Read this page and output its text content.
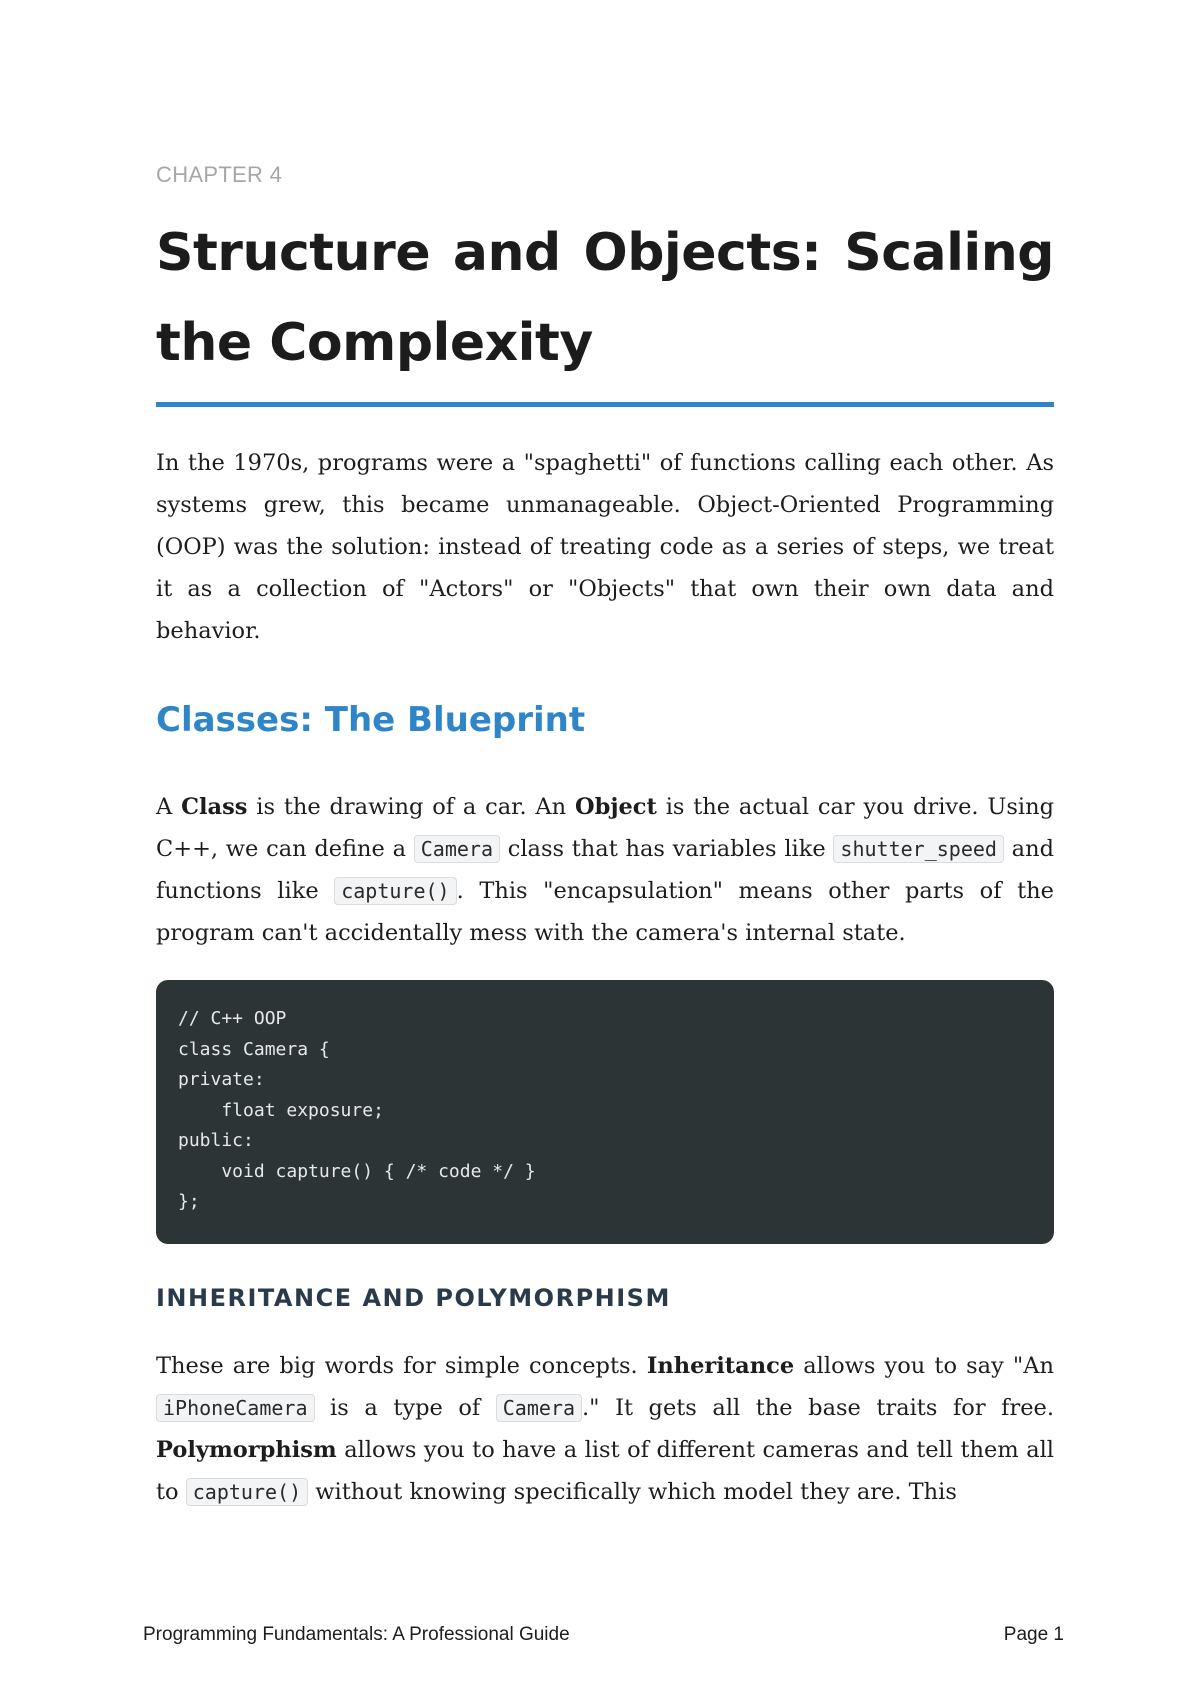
CHAPTER 4
Structure and Objects: Scaling the Complexity

In the 1970s, programs were a "spaghetti" of functions calling each other. As systems grew, this became unmanageable. Object-Oriented Programming (OOP) was the solution: instead of treating code as a series of steps, we treat it as a collection of "Actors" or "Objects" that own their own data and behavior.

Classes: The Blueprint

A Class is the drawing of a car. An Object is the actual car you drive. Using C++, we can define a Camera class that has variables like shutter_speed and functions like capture() . This "encapsulation" means other parts of the program can't accidentally mess with the camera's internal state.

// C++ OOP
class Camera {
private:
float exposure;
public:
void capture() { /* code */ }
};
INHERITANCE AND POLYMORPHISM

These are big words for simple concepts. Inheritance allows you to say "An iPhoneCamera is a type of Camera ." It gets all the base traits for free. Polymorphism allows you to have a list of different cameras and tell them all to capture() without knowing specifically which model they are. This

Programming Fundamentals: A Professional Guide	Page 1
